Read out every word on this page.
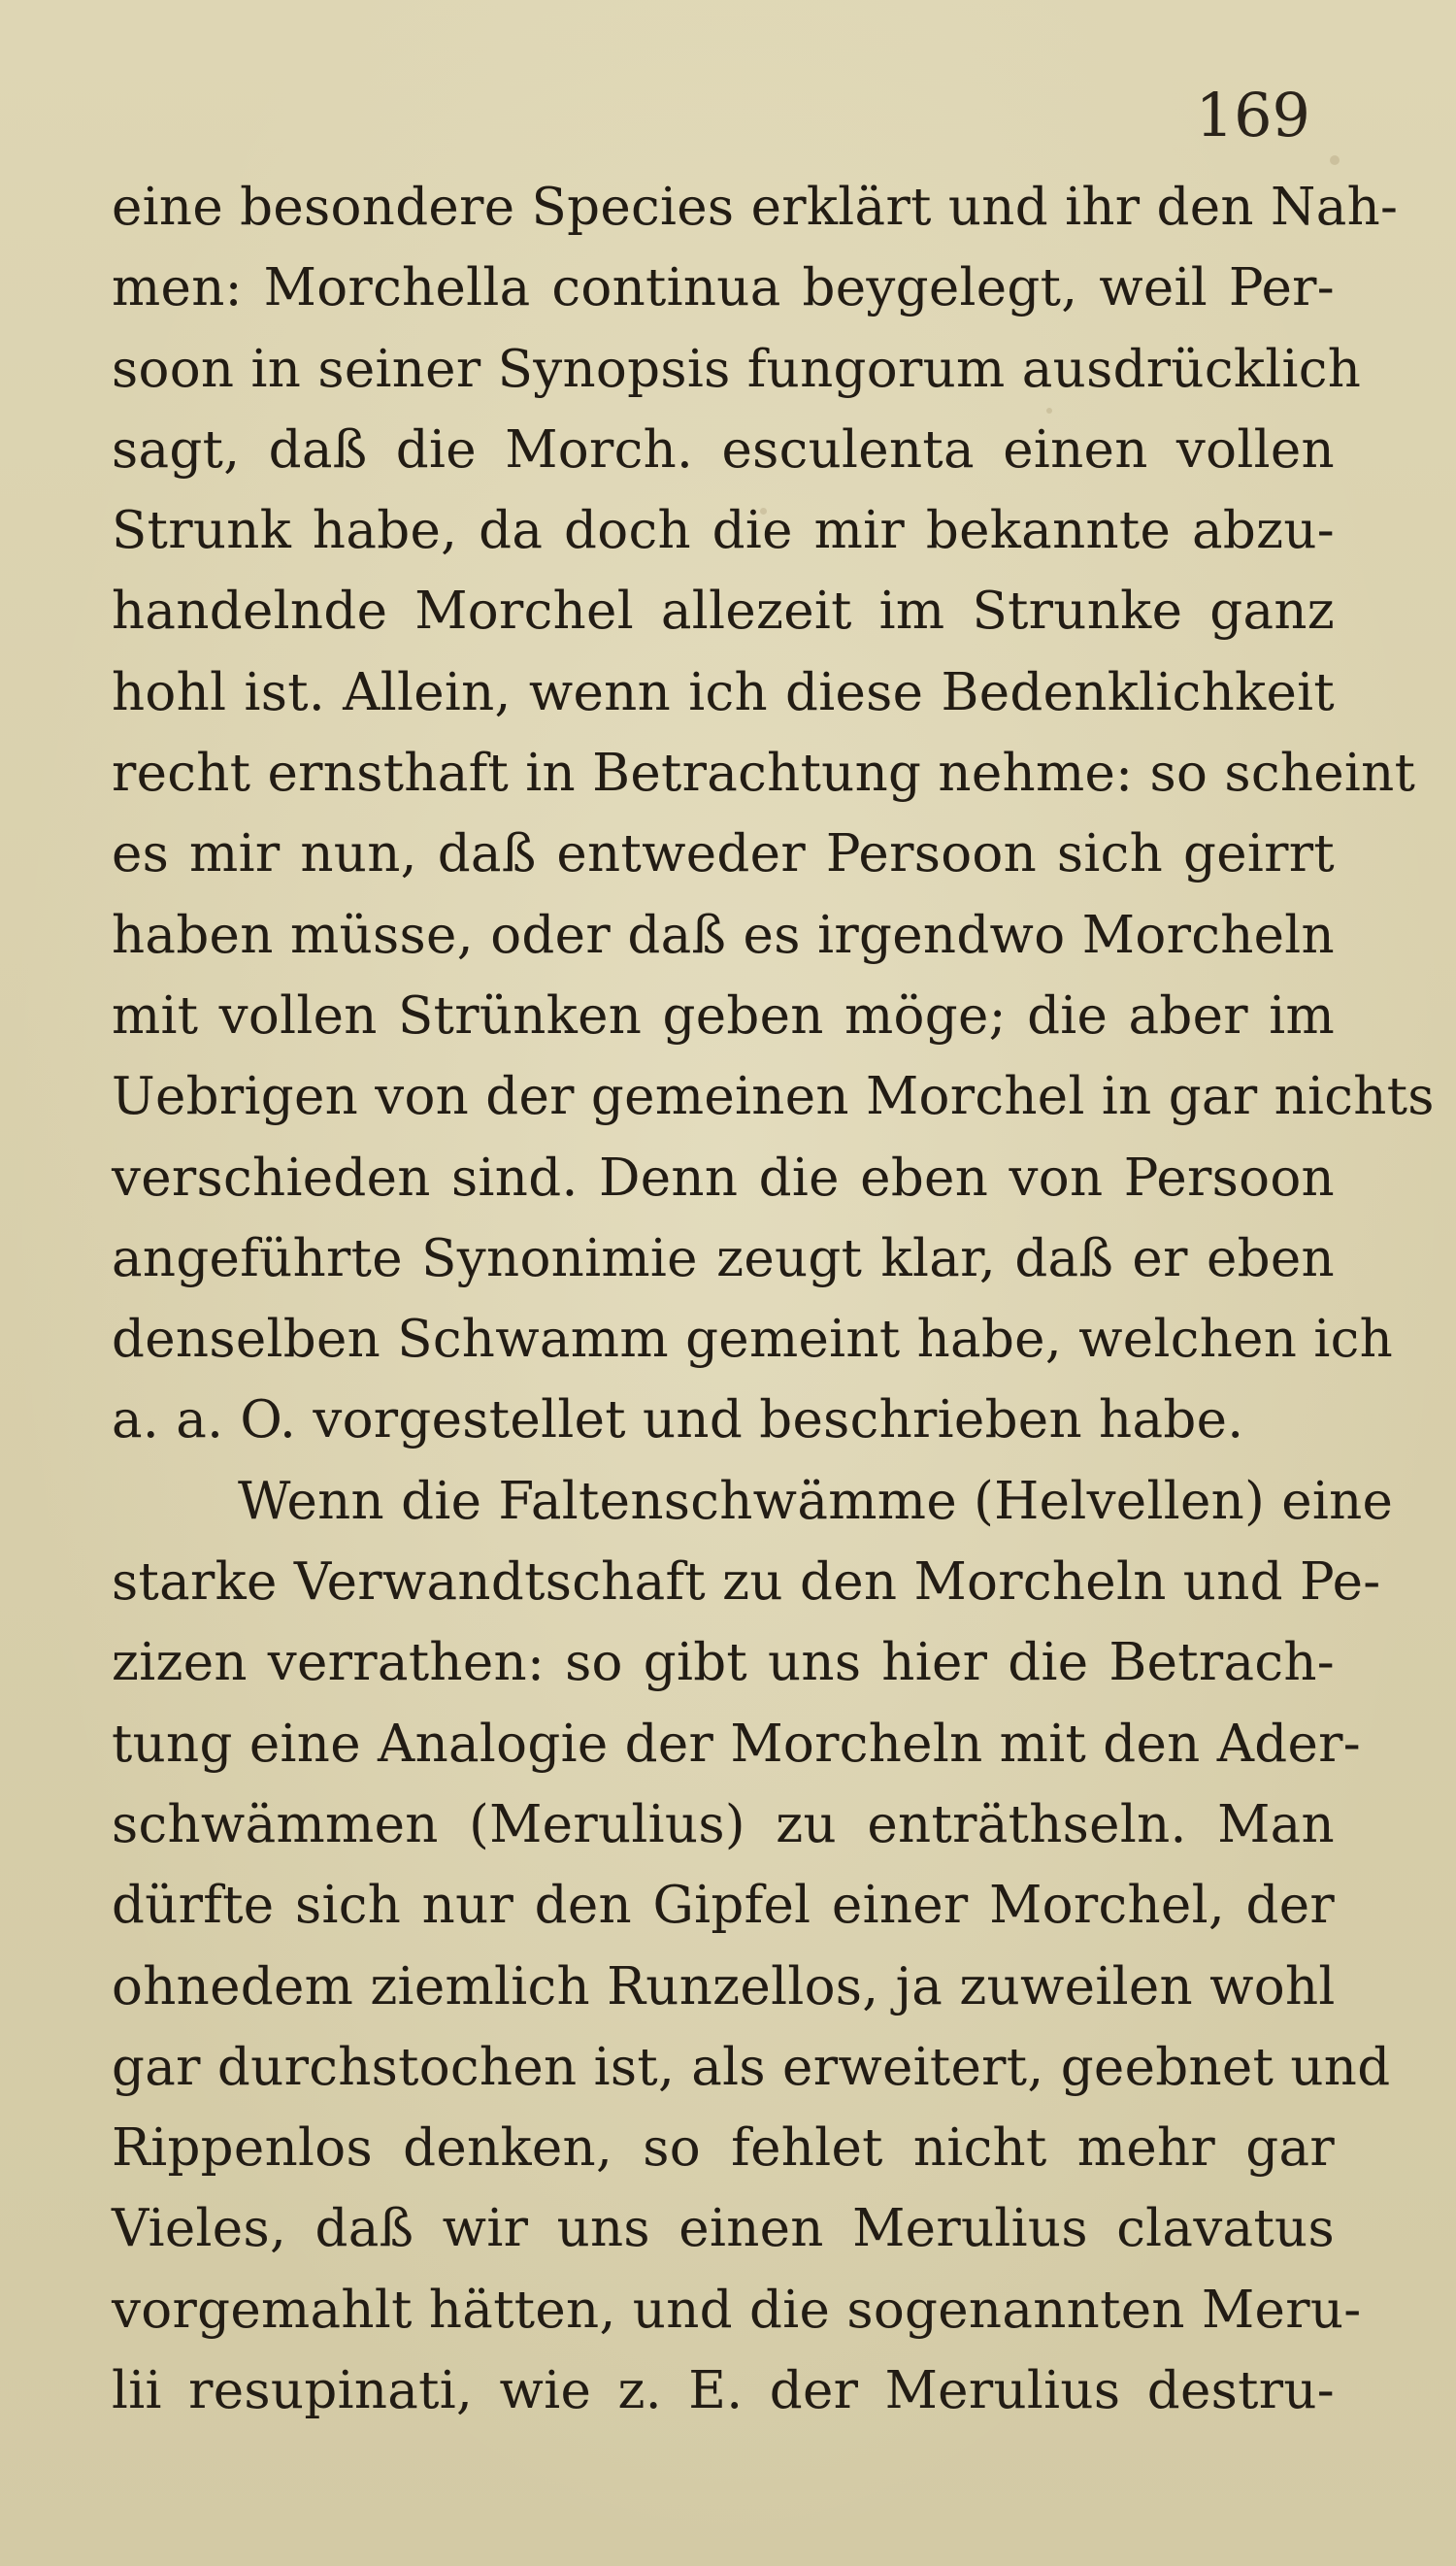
169
eine besondere Species erklärt und ihr den Nah-
men: Morchella continua beygelegt, weil Per-
soon in seiner Synopsis fungorum ausdrücklich
sagt, daß die Morch. esculenta einen vollen
Strunk habe, da doch die mir bekannte abzu-
handelnde Morchel allezeit im Strunke ganz
hohl ist. Allein, wenn ich diese Bedenklichkeit
recht ernsthaft in Betrachtung nehme: so scheint
es mir nun, daß entweder Persoon sich geirrt
haben müsse, oder daß es irgendwo Morcheln
mit vollen Strünken geben möge; die aber im
Uebrigen von der gemeinen Morchel in gar nichts
verschieden sind. Denn die eben von Persoon
angeführte Synonimie zeugt klar, daß er eben
denselben Schwamm gemeint habe, welchen ich
a. a. O. vorgestellet und beschrieben habe.
Wenn die Faltenschwämme (Helvellen) eine
starke Verwandtschaft zu den Morcheln und Pe-
zizen verrathen: so gibt uns hier die Betrach-
tung eine Analogie der Morcheln mit den Ader-
schwämmen (Merulius) zu enträthseln. Man
dürfte sich nur den Gipfel einer Morchel, der
ohnedem ziemlich Runzellos, ja zuweilen wohl
gar durchstochen ist, als erweitert, geebnet und
Rippenlos denken, so fehlet nicht mehr gar
Vieles, daß wir uns einen Merulius clavatus
vorgemahlt hätten, und die sogenannten Meru-
lii resupinati, wie z. E. der Merulius destru-
